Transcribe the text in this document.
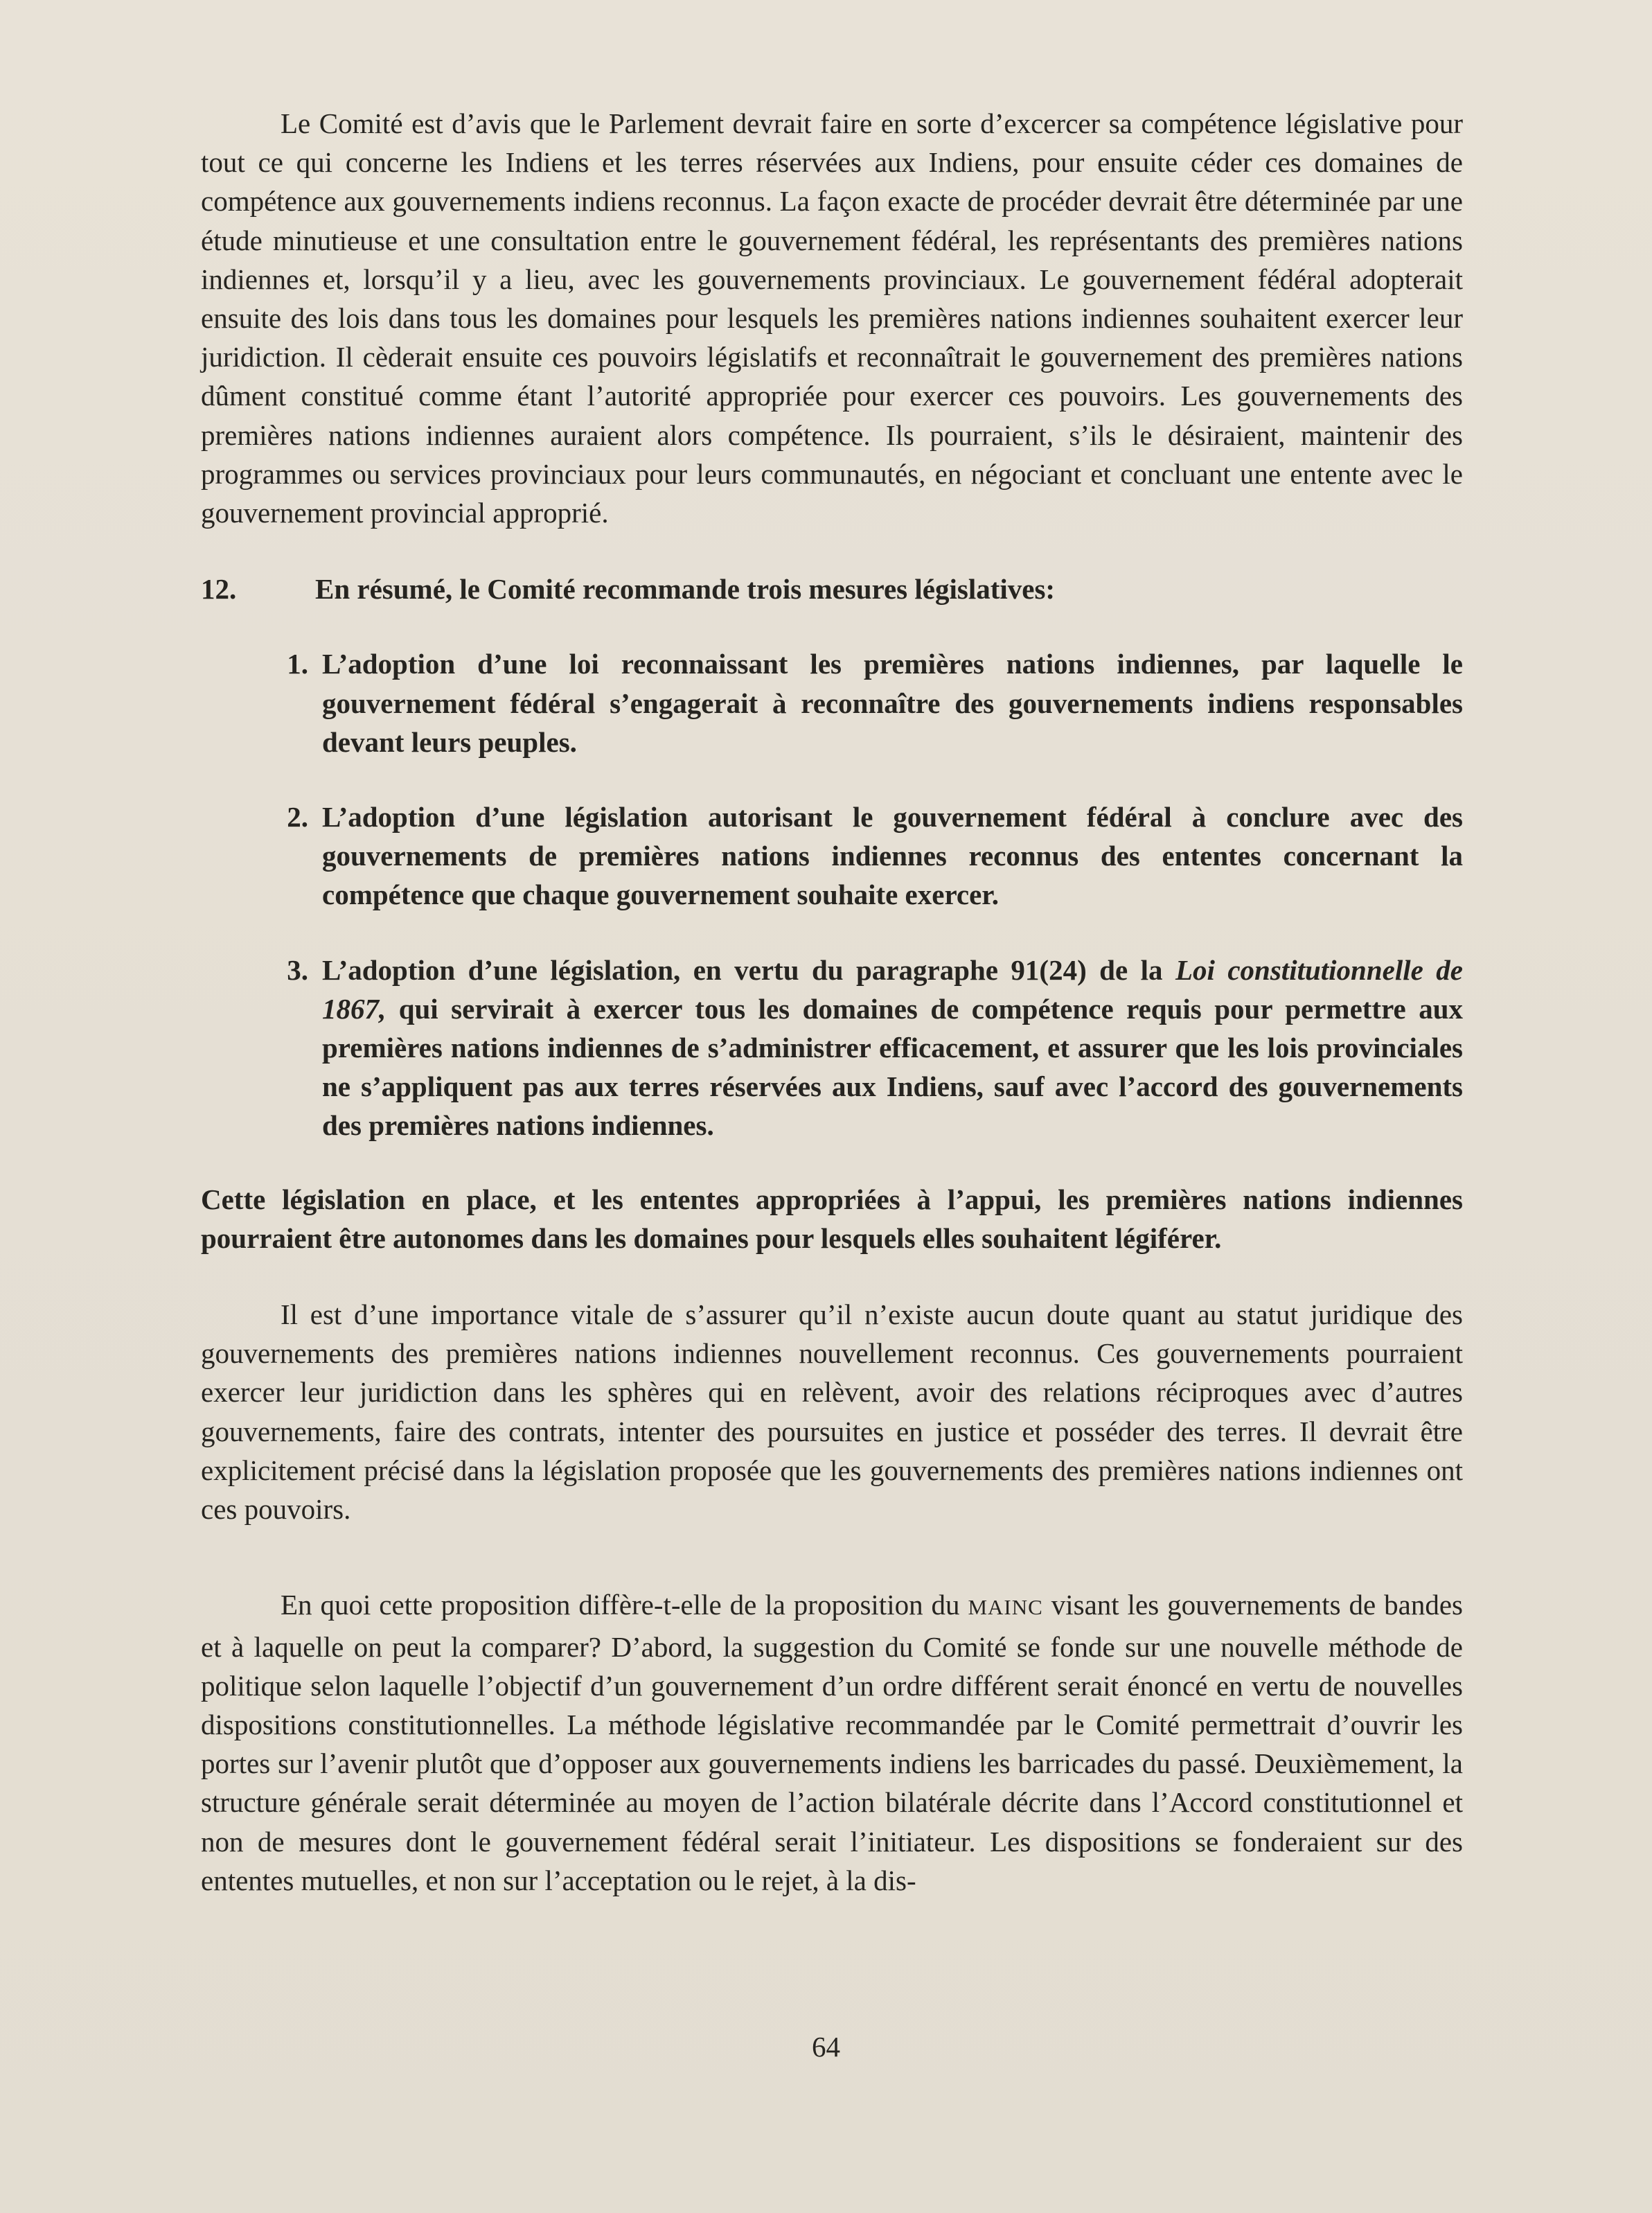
Le Comité est d’avis que le Parlement devrait faire en sorte d’excercer sa compétence législative pour tout ce qui concerne les Indiens et les terres réservées aux Indiens, pour ensuite céder ces domaines de compétence aux gouvernements indiens reconnus. La façon exacte de procéder devrait être déterminée par une étude minutieuse et une consultation entre le gouvernement fédéral, les représentants des premières nations indiennes et, lorsqu’il y a lieu, avec les gouvernements provinciaux. Le gouvernement fédéral adopterait ensuite des lois dans tous les domaines pour lesquels les premières nations indiennes souhaitent exercer leur juridiction. Il cèderait ensuite ces pouvoirs législatifs et reconnaîtrait le gouvernement des premières nations dûment constitué comme étant l’autorité appropriée pour exercer ces pouvoirs. Les gouvernements des premières nations indiennes auraient alors compétence. Ils pourraient, s’ils le désiraient, maintenir des programmes ou services provinciaux pour leurs communautés, en négociant et concluant une entente avec le gouvernement provincial approprié.

12.	En résumé, le Comité recommande trois mesures législatives:
1. L’adoption d’une loi reconnaissant les premières nations indiennes, par laquelle le gouvernement fédéral s’engagerait à reconnaître des gouvernements indiens responsables devant leurs peuples.
2. L’adoption d’une législation autorisant le gouvernement fédéral à conclure avec des gouvernements de premières nations indiennes reconnus des ententes concernant la compétence que chaque gouvernement souhaite exercer.
3. L’adoption d’une législation, en vertu du paragraphe 91(24) de la Loi constitutionnelle de 1867, qui servirait à exercer tous les domaines de compétence requis pour permettre aux premières nations indiennes de s’administrer efficacement, et assurer que les lois provinciales ne s’appliquent pas aux terres réservées aux Indiens, sauf avec l’accord des gouvernements des premières nations indiennes.

Cette législation en place, et les ententes appropriées à l’appui, les premières nations indiennes pourraient être autonomes dans les domaines pour lesquels elles souhaitent légiférer.

Il est d’une importance vitale de s’assurer qu’il n’existe aucun doute quant au statut juridique des gouvernements des premières nations indiennes nouvellement reconnus. Ces gouvernements pourraient exercer leur juridiction dans les sphères qui en relèvent, avoir des relations réciproques avec d’autres gouvernements, faire des contrats, intenter des poursuites en justice et posséder des terres. Il devrait être explicitement précisé dans la législation proposée que les gouvernements des premières nations indiennes ont ces pouvoirs.

En quoi cette proposition diffère-t-elle de la proposition du MAINC visant les gouvernements de bandes et à laquelle on peut la comparer? D’abord, la suggestion du Comité se fonde sur une nouvelle méthode de politique selon laquelle l’objectif d’un gouvernement d’un ordre différent serait énoncé en vertu de nouvelles dispositions constitutionnelles. La méthode législative recommandée par le Comité permettrait d’ouvrir les portes sur l’avenir plutôt que d’opposer aux gouvernements indiens les barricades du passé. Deuxièmement, la structure générale serait déterminée au moyen de l’action bilatérale décrite dans l’Accord constitutionnel et non de mesures dont le gouvernement fédéral serait l’initiateur. Les dispositions se fonderaient sur des ententes mutuelles, et non sur l’acceptation ou le rejet, à la dis-

64
